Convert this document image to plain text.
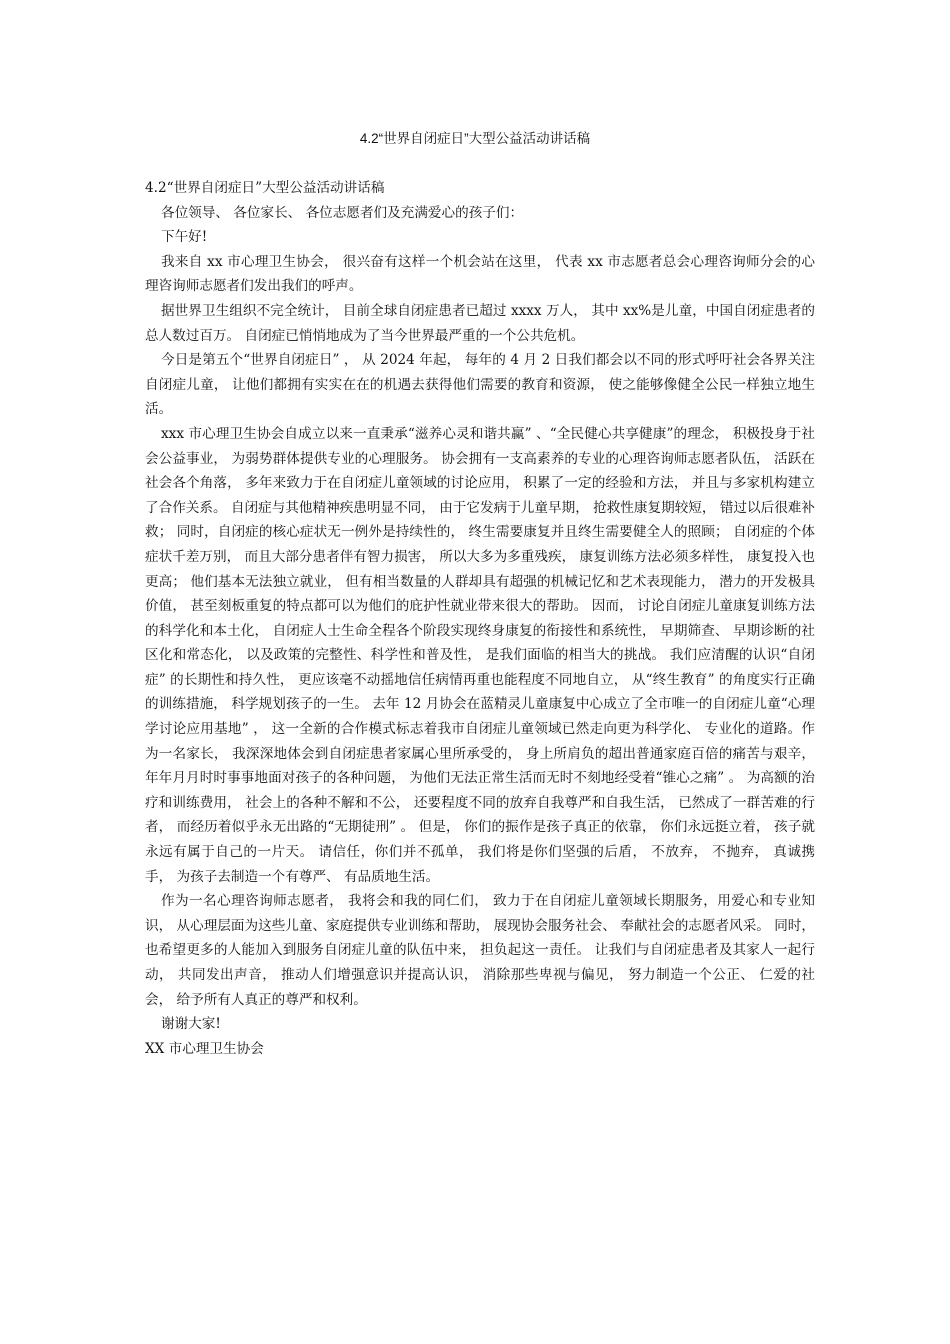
4.2“世界自闭症日”大型公益活动讲话稿

4.2“世界自闭症日”大型公益活动讲话稿

各位领导、 各位家长、 各位志愿者们及充满爱心的孩子们：

下午好!

我来自 xx 市心理卫生协会， 很兴奋有这样一个机会站在这里， 代表 xx 市志愿者总会心理咨询师分会的心理咨询师志愿者们发出我们的呼声。

据世界卫生组织不完全统计， 目前全球自闭症患者已超过 xxxx 万人， 其中 xx%是儿童，中国自闭症患者的总人数过百万。 自闭症已悄悄地成为了当今世界最严重的一个公共危机。

今日是第五个“世界自闭症日” ， 从 2024 年起， 每年的 4 月 2 日我们都会以不同的形式呼吁社会各界关注自闭症儿童， 让他们都拥有实实在在的机遇去获得他们需要的教育和资源， 使之能够像健全公民一样独立地生活。

xxx 市心理卫生协会自成立以来一直秉承“滋养心灵和谐共赢” 、“全民健心共享健康”的理念， 积极投身于社会公益事业， 为弱势群体提供专业的心理服务。 协会拥有一支高素养的专业的心理咨询师志愿者队伍， 活跃在社会各个角落， 多年来致力于在自闭症儿童领域的讨论应用， 积累了一定的经验和方法， 并且与多家机构建立了合作关系。 自闭症与其他精神疾患明显不同， 由于它发病于儿童早期， 抢救性康复期较短， 错过以后很难补救； 同时，自闭症的核心症状无一例外是持续性的， 终生需要康复并且终生需要健全人的照顾； 自闭症的个体症状千差万别， 而且大部分患者伴有智力损害， 所以大多为多重残疾， 康复训练方法必须多样性， 康复投入也更高； 他们基本无法独立就业， 但有相当数量的人群却具有超强的机械记忆和艺术表现能力， 潜力的开发极具价值， 甚至刻板重复的特点都可以为他们的庇护性就业带来很大的帮助。 因而， 讨论自闭症儿童康复训练方法的科学化和本土化， 自闭症人士生命全程各个阶段实现终身康复的衔接性和系统性， 早期筛查、 早期诊断的社区化和常态化， 以及政策的完整性、科学性和普及性， 是我们面临的相当大的挑战。 我们应清醒的认识“自闭症” 的长期性和持久性， 更应该毫不动摇地信任病情再重也能程度不同地自立， 从“终生教育” 的角度实行正确的训练措施， 科学规划孩子的一生。 去年 12 月协会在蓝精灵儿童康复中心成立了全市唯一的自闭症儿童“心理学讨论应用基地” ， 这一全新的合作模式标志着我市自闭症儿童领域已然走向更为科学化、 专业化的道路。作为一名家长， 我深深地体会到自闭症患者家属心里所承受的， 身上所肩负的超出普通家庭百倍的痛苦与艰辛， 年年月月时时事事地面对孩子的各种问题， 为他们无法正常生活而无时不刻地经受着“锥心之痛” 。 为高额的治疗和训练费用， 社会上的各种不解和不公， 还要程度不同的放弃自我尊严和自我生活， 已然成了一群苦难的行者， 而经历着似乎永无出路的“无期徒刑” 。 但是， 你们的振作是孩子真正的依靠， 你们永远挺立着， 孩子就永远有属于自己的一片天。 请信任，你们并不孤单， 我们将是你们坚强的后盾， 不放弃， 不抛弃， 真诚携手， 为孩子去制造一个有尊严、 有品质地生活。

作为一名心理咨询师志愿者， 我将会和我的同仁们， 致力于在自闭症儿童领域长期服务，用爱心和专业知识， 从心理层面为这些儿童、家庭提供专业训练和帮助， 展现协会服务社会、 奉献社会的志愿者风采。 同时， 也希望更多的人能加入到服务自闭症儿童的队伍中来， 担负起这一责任。 让我们与自闭症患者及其家人一起行动， 共同发出声音， 推动人们增强意识并提高认识， 消除那些卑视与偏见， 努力制造一个公正、 仁爱的社会， 给予所有人真正的尊严和权利。

谢谢大家!

XX 市心理卫生协会
